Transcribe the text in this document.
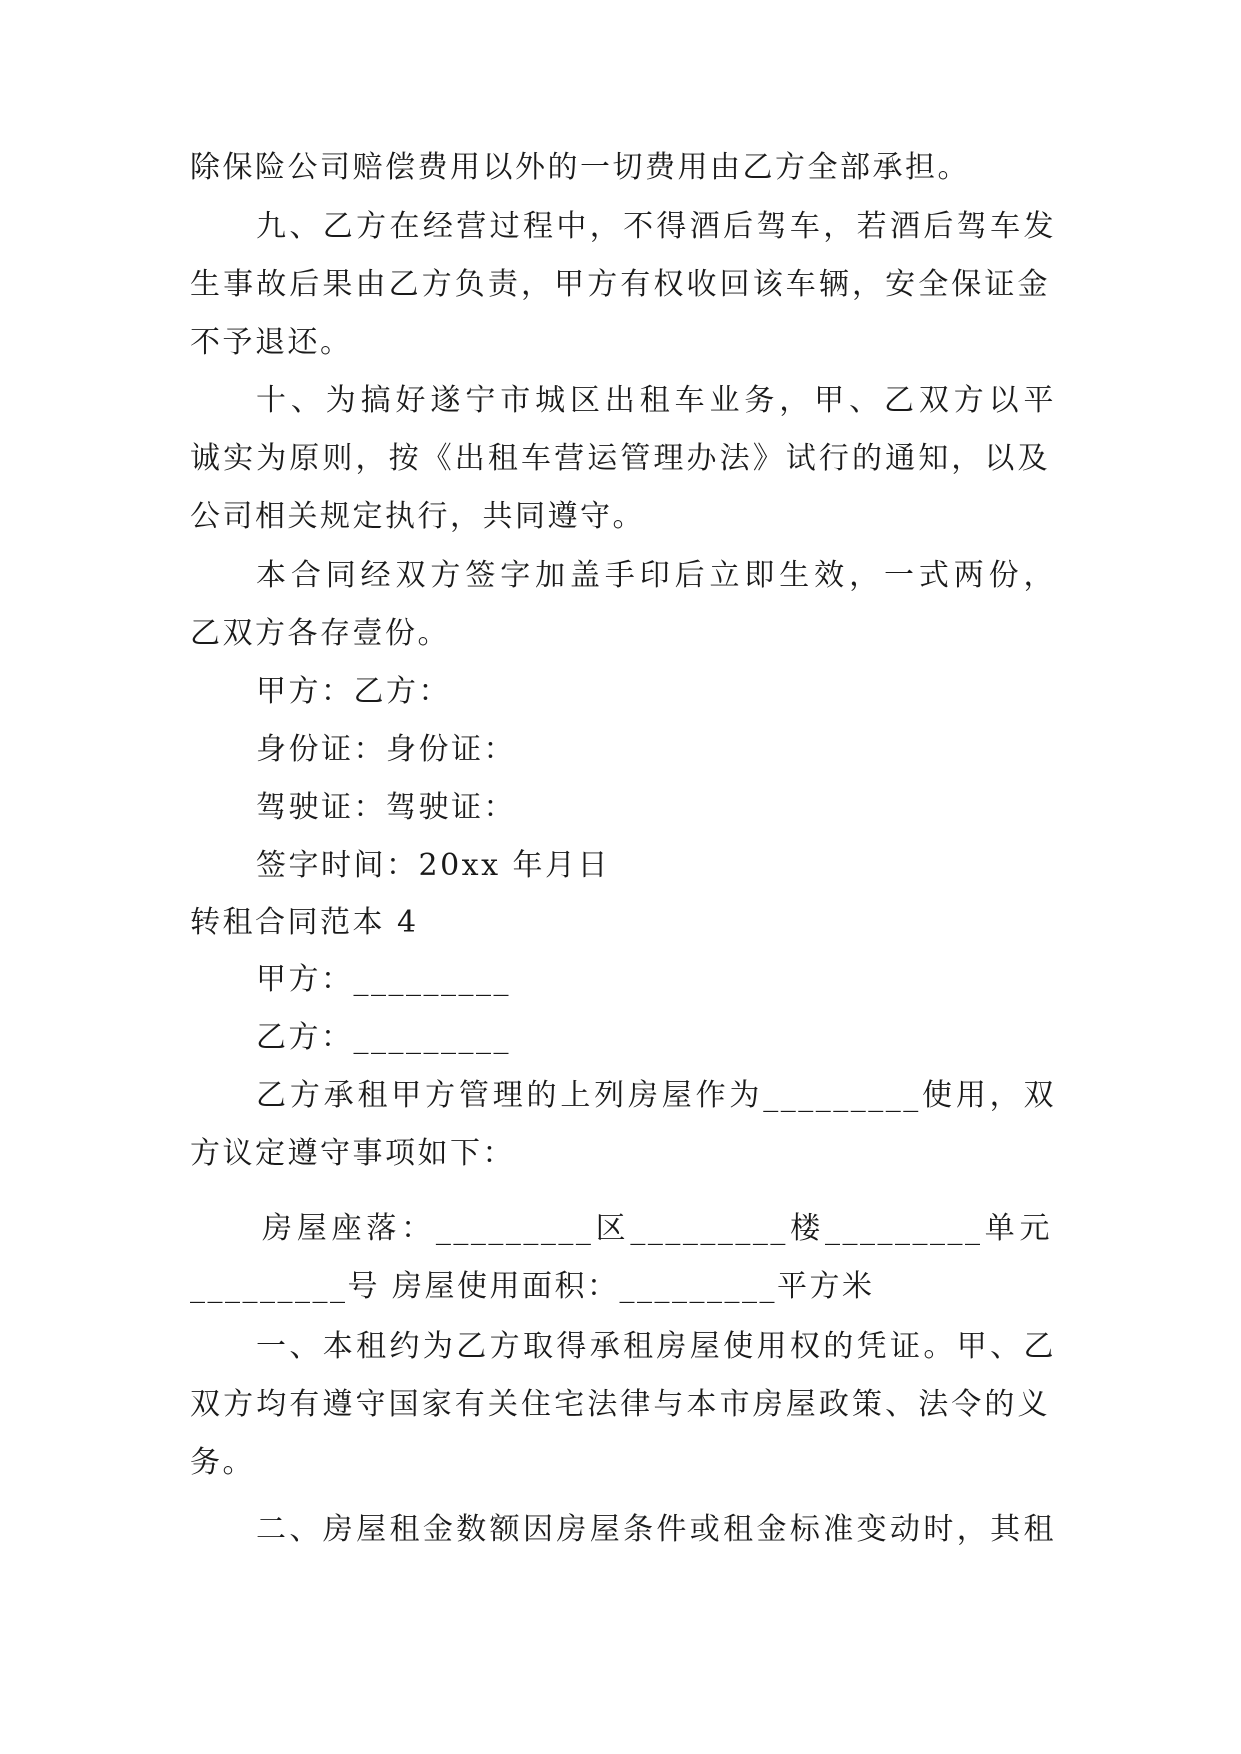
除保险公司赔偿费用以外的一切费用由乙方全部承担。
九、乙方在经营过程中，不得酒后驾车，若酒后驾车发
生事故后果由乙方负责，甲方有权收回该车辆，安全保证金
不予退还。
十、为搞好遂宁市城区出租车业务，甲、乙双方以平
诚实为原则，按《出租车营运管理办法》试行的通知，以及
公司相关规定执行，共同遵守。
本合同经双方签字加盖手印后立即生效，一式两份，
乙双方各存壹份。
甲方：乙方：
身份证：身份证：
驾驶证：驾驶证：
签字时间：20xx 年月日
转租合同范本 4
甲方：_________
乙方：_________
乙方承租甲方管理的上列房屋作为_________使用，双
方议定遵守事项如下：
房屋座落：_________区_________楼_________单元
_________号 房屋使用面积：_________平方米
一、本租约为乙方取得承租房屋使用权的凭证。甲、乙
双方均有遵守国家有关住宅法律与本市房屋政策、法令的义
务。
二、房屋租金数额因房屋条件或租金标准变动时，其租
